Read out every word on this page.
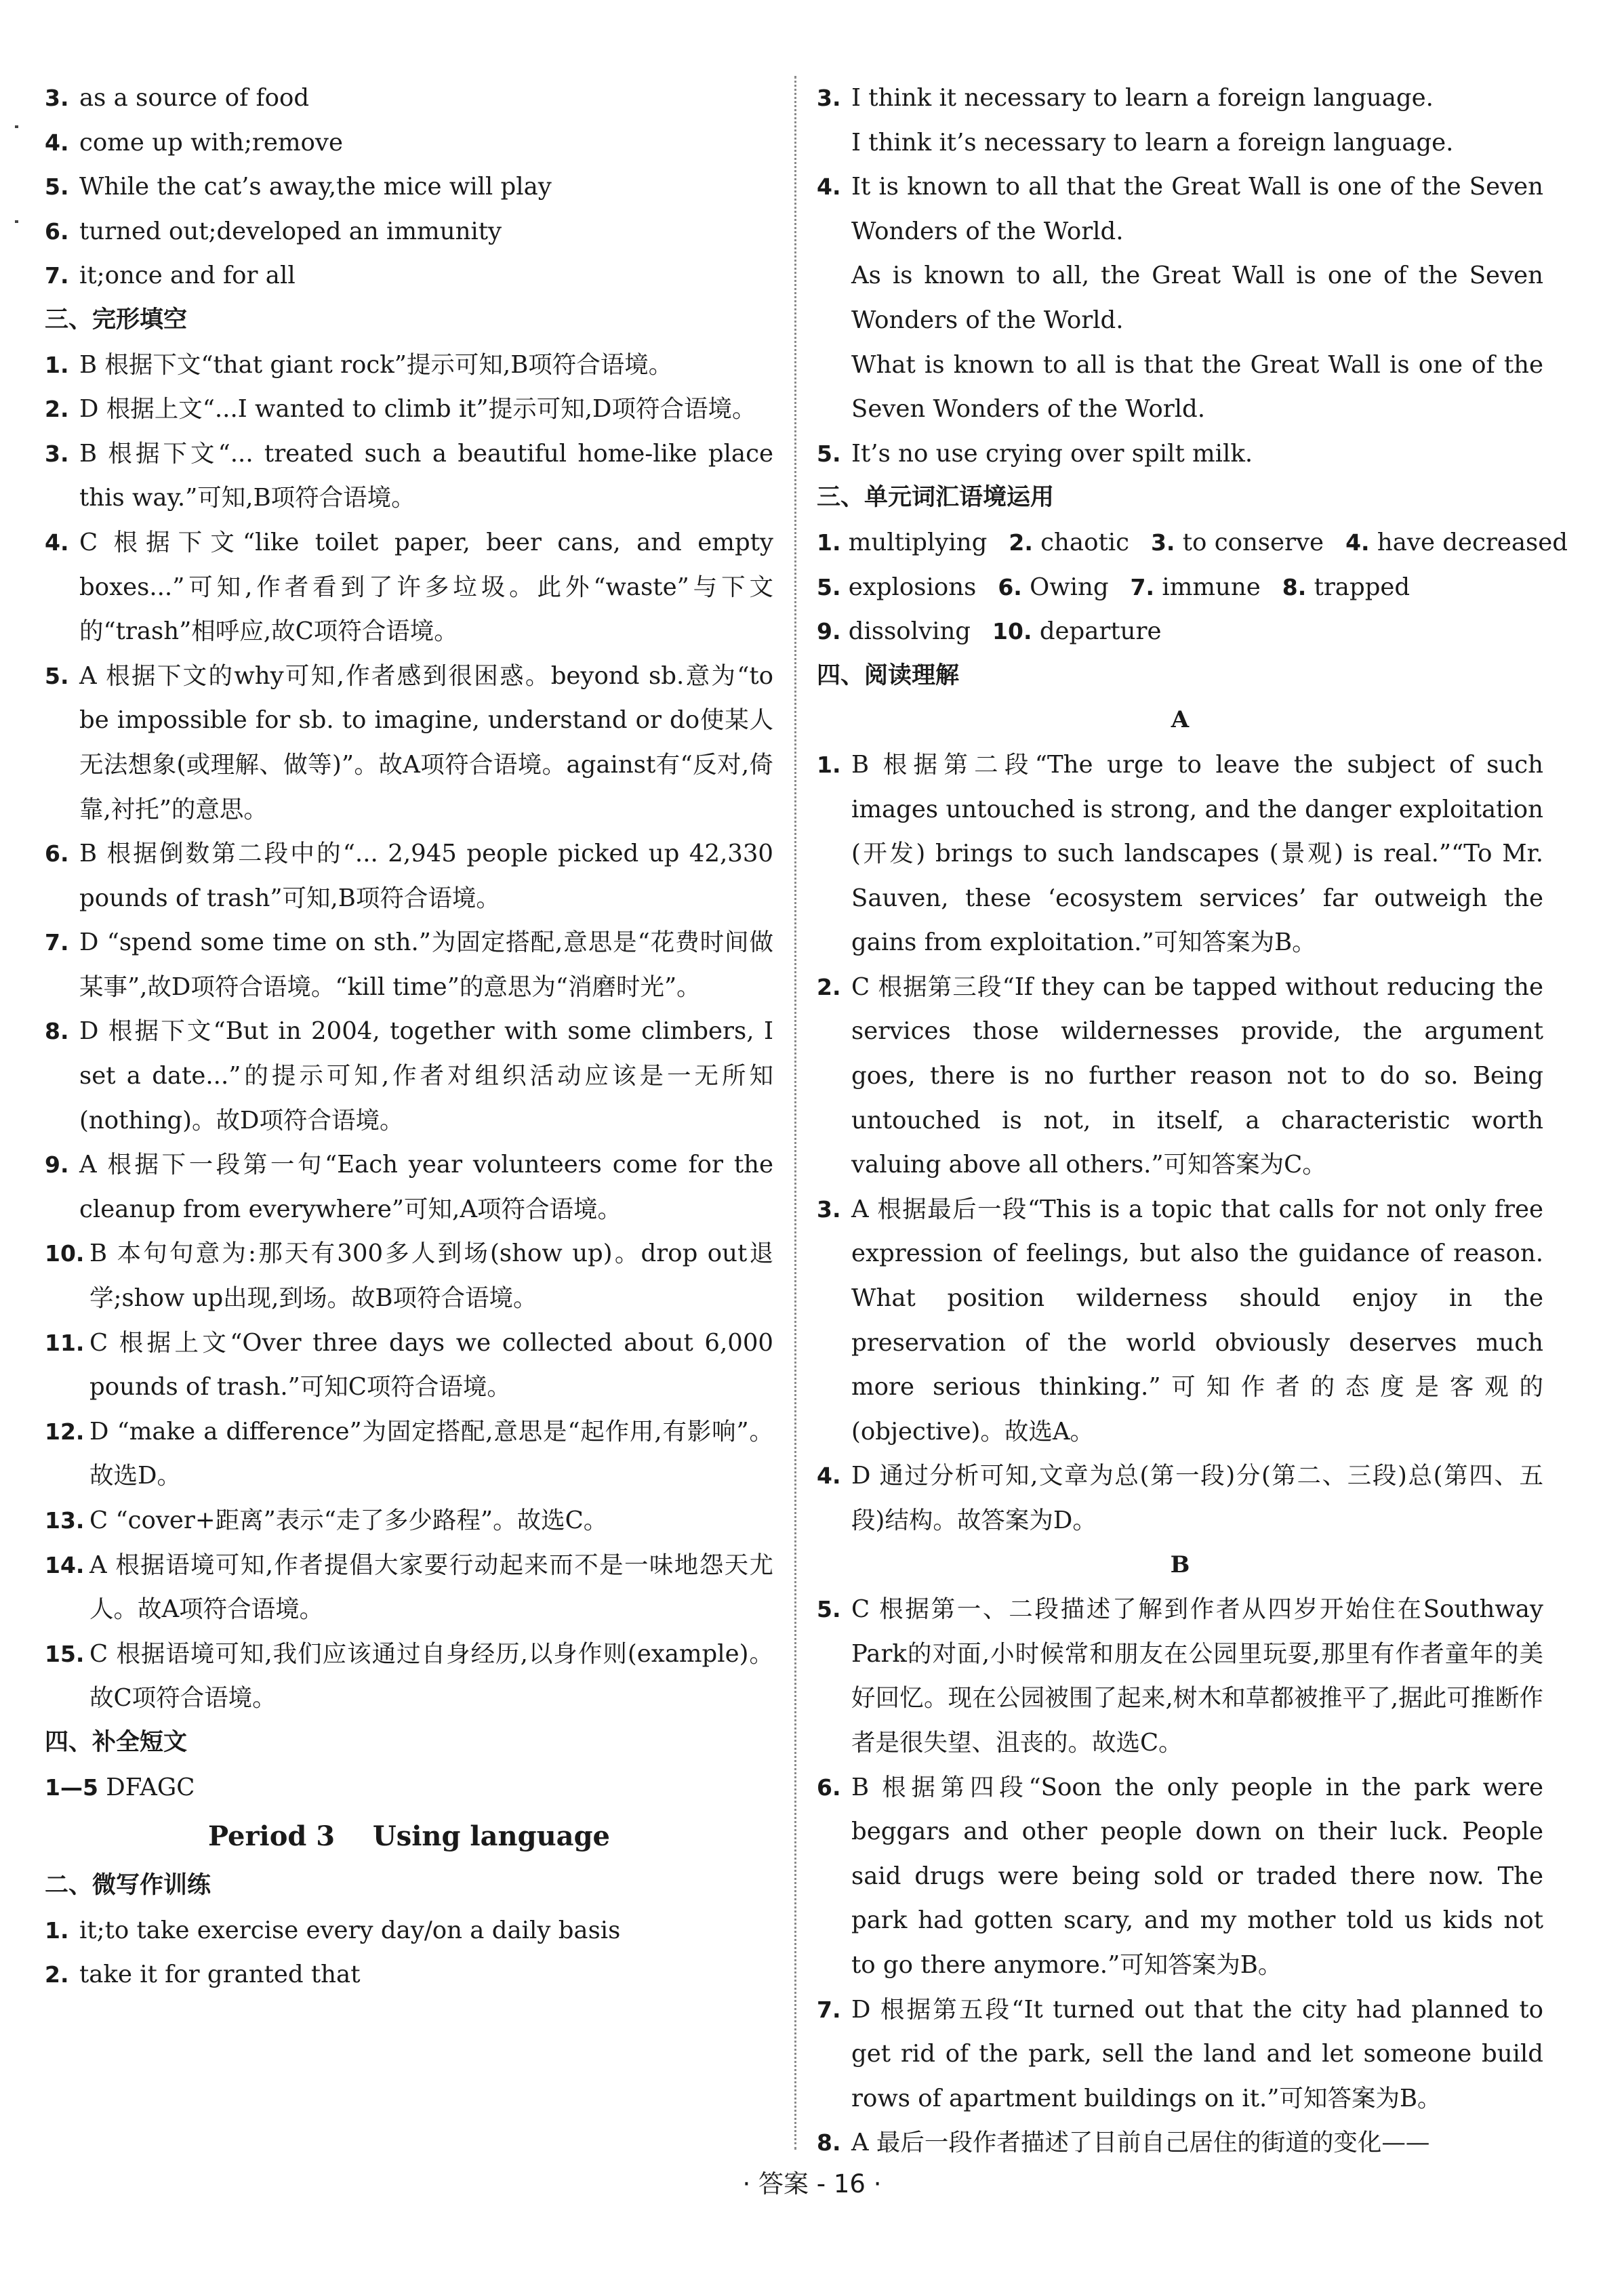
3. as a source of food
4. come up with;remove
5. While the cat’s away,the mice will play
6. turned out;developed an immunity
7. it;once and for all
三、完形填空
1. B 根据下文“that giant rock”提示可知,B项符合语境。
2. D 根据上文“...I wanted to climb it”提示可知,D项符合语境。
3. B 根据下文“... treated such a beautiful home-like place this way.”可知,B项符合语境。
4. C 根据下文“like toilet paper, beer cans, and empty boxes...”可知,作者看到了许多垃圾。此外“waste”与下文的“trash”相呼应,故C项符合语境。
5. A 根据下文的why可知,作者感到很困惑。beyond sb.意为“to be impossible for sb. to imagine, understand or do使某人无法想象(或理解、做等)”。故A项符合语境。against有“反对,倚靠,衬托”的意思。
6. B 根据倒数第二段中的“... 2,945 people picked up 42,330 pounds of trash”可知,B项符合语境。
7. D “spend some time on sth.”为固定搭配,意思是“花费时间做某事”,故D项符合语境。“kill time”的意思为“消磨时光”。
8. D 根据下文“But in 2004, together with some climbers, I set a date...”的提示可知,作者对组织活动应该是一无所知(nothing)。故D项符合语境。
9. A 根据下一段第一句“Each year volunteers come for the cleanup from everywhere”可知,A项符合语境。
10. B 本句句意为:那天有300多人到场(show up)。drop out退学;show up出现,到场。故B项符合语境。
11. C 根据上文“Over three days we collected about 6,000 pounds of trash.”可知C项符合语境。
12. D “make a difference”为固定搭配,意思是“起作用,有影响”。故选D。
13. C “cover+距离”表示“走了多少路程”。故选C。
14. A 根据语境可知,作者提倡大家要行动起来而不是一味地怨天尤人。故A项符合语境。
15. C 根据语境可知,我们应该通过自身经历,以身作则(example)。故C项符合语境。
四、补全短文
1—5 DFAGC
Period 3    Using language
二、微写作训练
1. it;to take exercise every day/on a daily basis
2. take it for granted that
3. I think it necessary to learn a foreign language.
I think it’s necessary to learn a foreign language.
4. It is known to all that the Great Wall is one of the Seven Wonders of the World.
As is known to all, the Great Wall is one of the Seven Wonders of the World.
What is known to all is that the Great Wall is one of the Seven Wonders of the World.
5. It’s no use crying over spilt milk.
三、单元词汇语境运用
1. multiplying 2. chaotic 3. to conserve 4. have decreased
5. explosions 6. Owing 7. immune 8. trapped
9. dissolving 10. departure
四、阅读理解
A
1. B 根据第二段“The urge to leave the subject of such images untouched is strong, and the danger exploitation (开发) brings to such landscapes (景观) is real.”“To Mr. Sauven, these ‘ecosystem services’ far outweigh the gains from exploitation.”可知答案为B。
2. C 根据第三段“If they can be tapped without reducing the services those wildernesses provide, the argument goes, there is no further reason not to do so. Being untouched is not, in itself, a characteristic worth valuing above all others.”可知答案为C。
3. A 根据最后一段“This is a topic that calls for not only free expression of feelings, but also the guidance of reason. What position wilderness should enjoy in the preservation of the world obviously deserves much more serious thinking.”可知作者的态度是客观的(objective)。故选A。
4. D 通过分析可知,文章为总(第一段)分(第二、三段)总(第四、五段)结构。故答案为D。
B
5. C 根据第一、二段描述了解到作者从四岁开始住在Southway Park的对面,小时候常和朋友在公园里玩耍,那里有作者童年的美好回忆。现在公园被围了起来,树木和草都被推平了,据此可推断作者是很失望、沮丧的。故选C。
6. B 根据第四段“Soon the only people in the park were beggars and other people down on their luck. People said drugs were being sold or traded there now. The park had gotten scary, and my mother told us kids not to go there anymore.”可知答案为B。
7. D 根据第五段“It turned out that the city had planned to get rid of the park, sell the land and let someone build rows of apartment buildings on it.”可知答案为B。
8. A 最后一段作者描述了目前自己居住的街道的变化——
· 答案 - 16 ·
